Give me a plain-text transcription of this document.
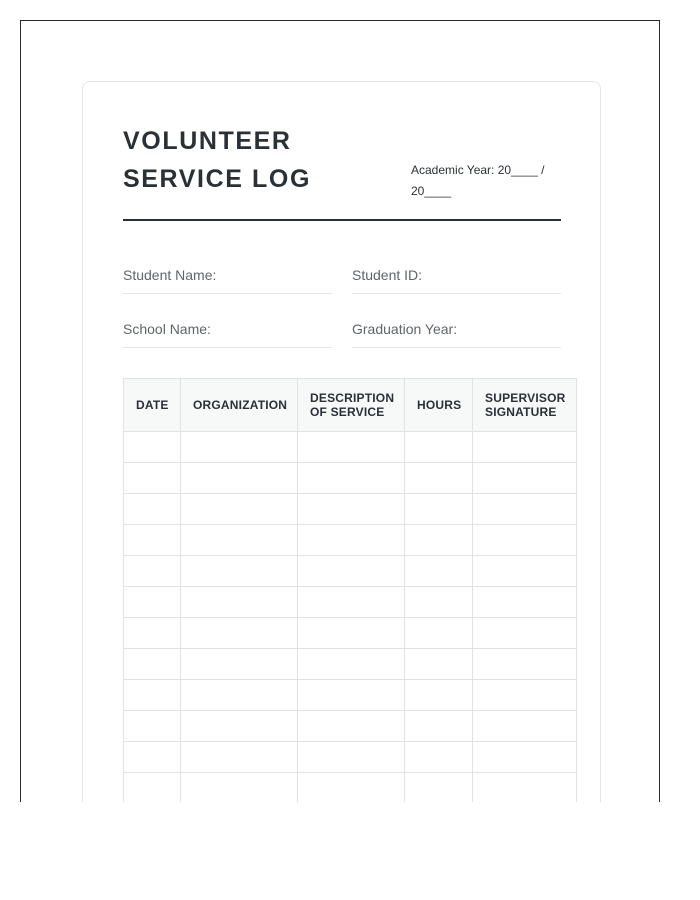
VOLUNTEER SERVICE LOG	Academic Year: 20____ / 20____
Student Name:	Student ID:
School Name:	Graduation Year:
DATE	ORGANIZATION	DESCRIPTION OF SERVICE	HOURS	SUPERVISOR SIGNATURE
